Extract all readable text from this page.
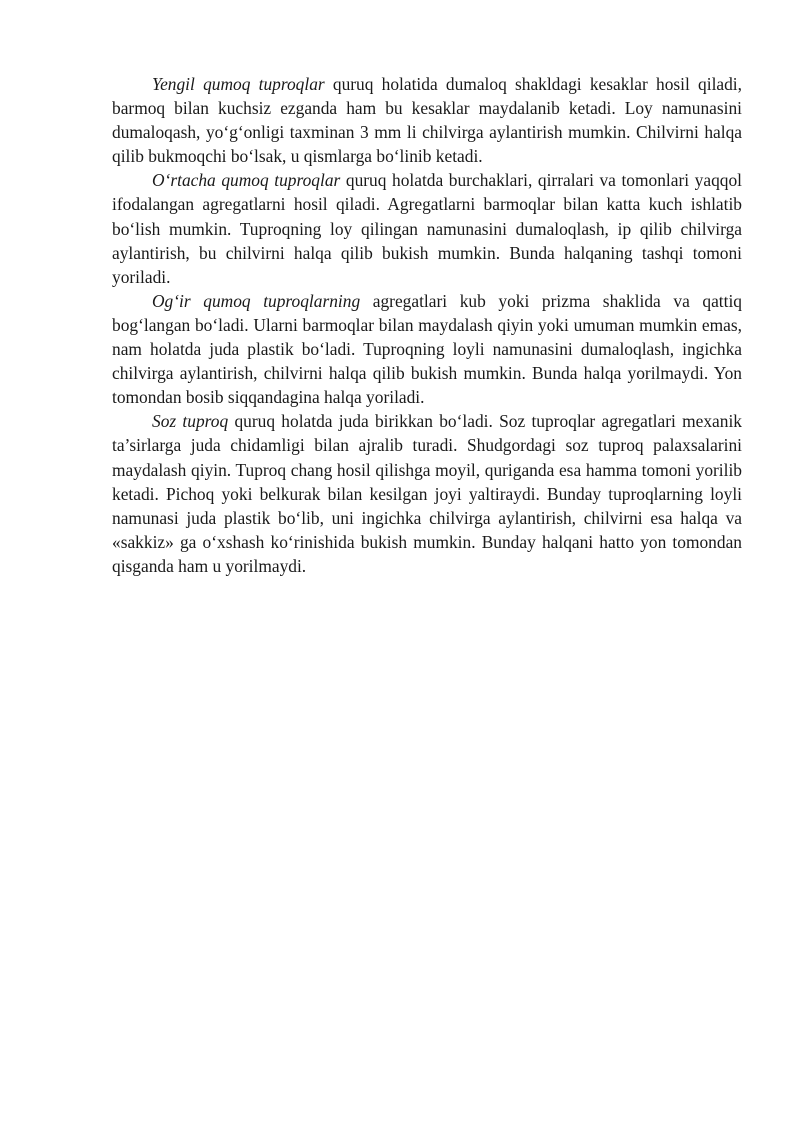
Yengil qumoq tuproqlar quruq holatida dumaloq shakldagi kesaklar hosil qiladi, barmoq bilan kuchsiz ezganda ham bu kesaklar maydalanib ketadi. Loy namunasini dumaloqash, yo‘g‘onligi taxminan 3 mm li chilvirga aylantirish mumkin. Chilvirni halqa qilib bukmoqchi bo‘lsak, u qismlarga bo‘linib ketadi.

O‘rtacha qumoq tuproqlar quruq holatda burchaklari, qirralari va tomonlari yaqqol ifodalangan agregatlarni hosil qiladi. Agregatlarni barmoqlar bilan katta kuch ishlatib bo‘lish mumkin. Tuproqning loy qilingan namunasini dumaloqlash, ip qilib chilvirga aylantirish, bu chilvirni halqa qilib bukish mumkin. Bunda halqaning tashqi tomoni yoriladi.

Og‘ir qumoq tuproqlarning agregatlari kub yoki prizma shaklida va qattiq bog‘langan bo‘ladi. Ularni barmoqlar bilan maydalash qiyin yoki umuman mumkin emas, nam holatda juda plastik bo‘ladi. Tuproqning loyli namunasini dumaloqlash, ingichka chilvirga aylantirish, chilvirni halqa qilib bukish mumkin. Bunda halqa yorilmaydi. Yon tomondan bosib siqqandagina halqa yoriladi.

Soz tuproq quruq holatda juda birikkan bo‘ladi. Soz tuproqlar agregatlari mexanik ta’sirlarga juda chidamligi bilan ajralib turadi. Shudgordagi soz tuproq palaxsalarini maydalash qiyin. Tuproq chang hosil qilishga moyil, quriganda esa hamma tomoni yorilib ketadi. Pichoq yoki belkurak bilan kesilgan joyi yaltiraydi. Bunday tuproqlarning loyli namunasi juda plastik bo‘lib, uni ingichka chilvirga aylantirish, chilvirni esa halqa va «sakkiz» ga o‘xshash ko‘rinishida bukish mumkin. Bunday halqani hatto yon tomondan qisganda ham u yorilmaydi.
